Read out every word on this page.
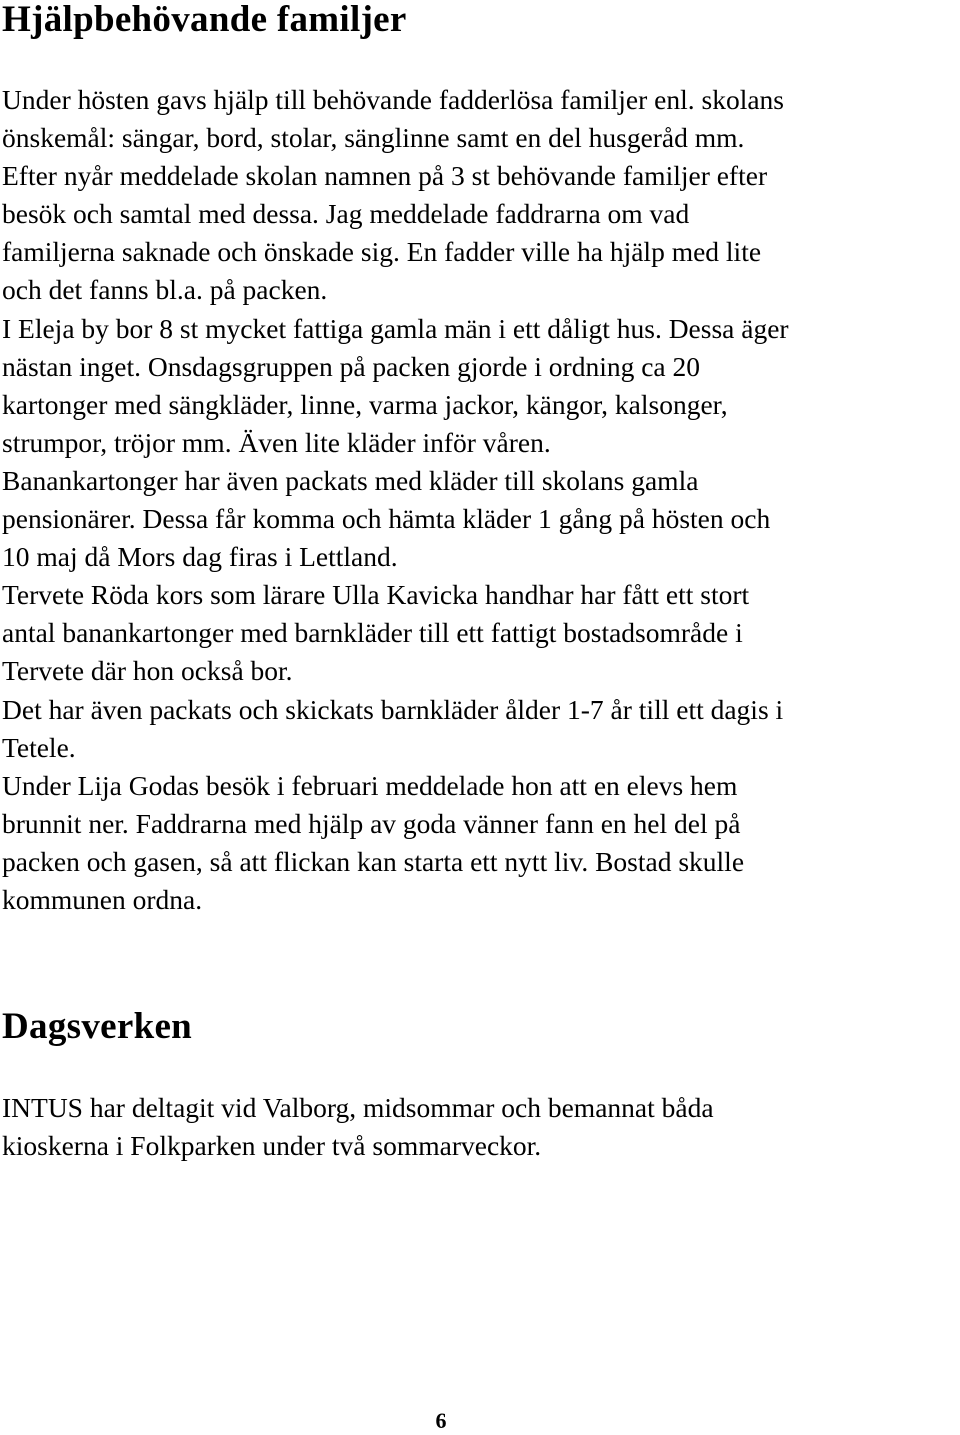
Hjälpbehövande familjer
Under hösten gavs hjälp till behövande fadderlösa familjer enl. skolans
önskemål: sängar, bord, stolar, sänglinne samt en del husgeråd mm.
Efter nyår meddelade skolan namnen på 3 st behövande familjer efter
besök och samtal med dessa. Jag meddelade faddrarna om vad
familjerna saknade och önskade sig. En fadder ville ha hjälp med lite
och det fanns bl.a. på packen.
I Eleja by bor 8 st mycket fattiga gamla män i ett dåligt hus. Dessa äger
nästan inget. Onsdagsgruppen på packen gjorde i ordning ca 20
kartonger med sängkläder, linne, varma jackor, kängor, kalsonger,
strumpor, tröjor mm. Även lite kläder inför våren.
Banankartonger har även packats med kläder till skolans gamla
pensionärer. Dessa får komma och hämta kläder 1 gång på hösten och
10 maj då Mors dag firas i Lettland.
Tervete Röda kors som lärare Ulla Kavicka handhar har fått ett stort
antal banankartonger med barnkläder till ett fattigt bostadsområde i
Tervete där hon också bor.
Det har även packats och skickats barnkläder ålder 1-7 år till ett dagis i
Tetele.
Under Lija Godas besök i februari meddelade hon att en elevs hem
brunnit ner. Faddrarna med hjälp av goda vänner fann en hel del på
packen och gasen, så att flickan kan starta ett nytt liv. Bostad skulle
kommunen ordna.
Dagsverken
INTUS har deltagit vid Valborg, midsommar och bemannat båda
kioskerna i Folkparken under två sommarveckor.
6
